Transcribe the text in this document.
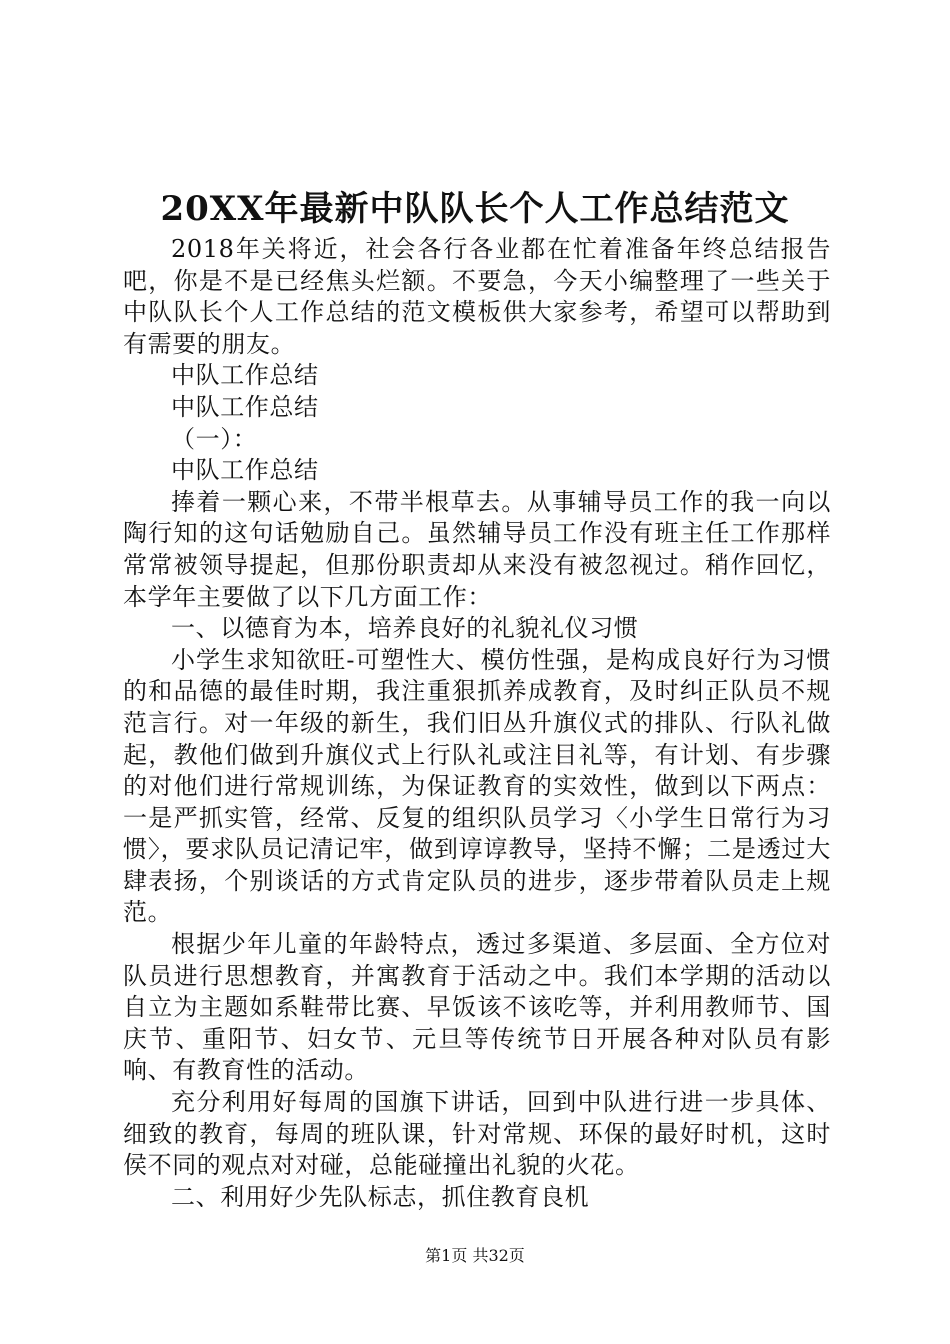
20XX年最新中队队长个人工作总结范文

2018年关将近，社会各行各业都在忙着准备年终总结报告吧，你是不是已经焦头烂额。不要急，今天小编整理了一些关于中队队长个人工作总结的范文模板供大家参考，希望可以帮助到有需要的朋友。

中队工作总结

中队工作总结

（一）：

中队工作总结

捧着一颗心来，不带半根草去。从事辅导员工作的我一向以陶行知的这句话勉励自己。虽然辅导员工作没有班主任工作那样常常被领导提起，但那份职责却从来没有被忽视过。稍作回忆，本学年主要做了以下几方面工作：

一、以德育为本，培养良好的礼貌礼仪习惯

小学生求知欲旺-可塑性大、模仿性强，是构成良好行为习惯的和品德的最佳时期，我注重狠抓养成教育，及时纠正队员不规范言行。对一年级的新生，我们旧丛升旗仪式的排队、行队礼做起，教他们做到升旗仪式上行队礼或注目礼等，有计划、有步骤的对他们进行常规训练，为保证教育的实效性，做到以下两点：一是严抓实管，经常、反复的组织队员学习〈小学生日常行为习惯〉，要求队员记清记牢，做到谆谆教导，坚持不懈；二是透过大肆表扬，个别谈话的方式肯定队员的进步，逐步带着队员走上规范。

根据少年儿童的年龄特点，透过多渠道、多层面、全方位对队员进行思想教育，并寓教育于活动之中。我们本学期的活动以自立为主题如系鞋带比赛、早饭该不该吃等，并利用教师节、国庆节、重阳节、妇女节、元旦等传统节日开展各种对队员有影响、有教育性的活动。

充分利用好每周的国旗下讲话，回到中队进行进一步具体、细致的教育，每周的班队课，针对常规、环保的最好时机，这时侯不同的观点对对碰，总能碰撞出礼貌的火花。

二、利用好少先队标志，抓住教育良机

第1页 共32页
